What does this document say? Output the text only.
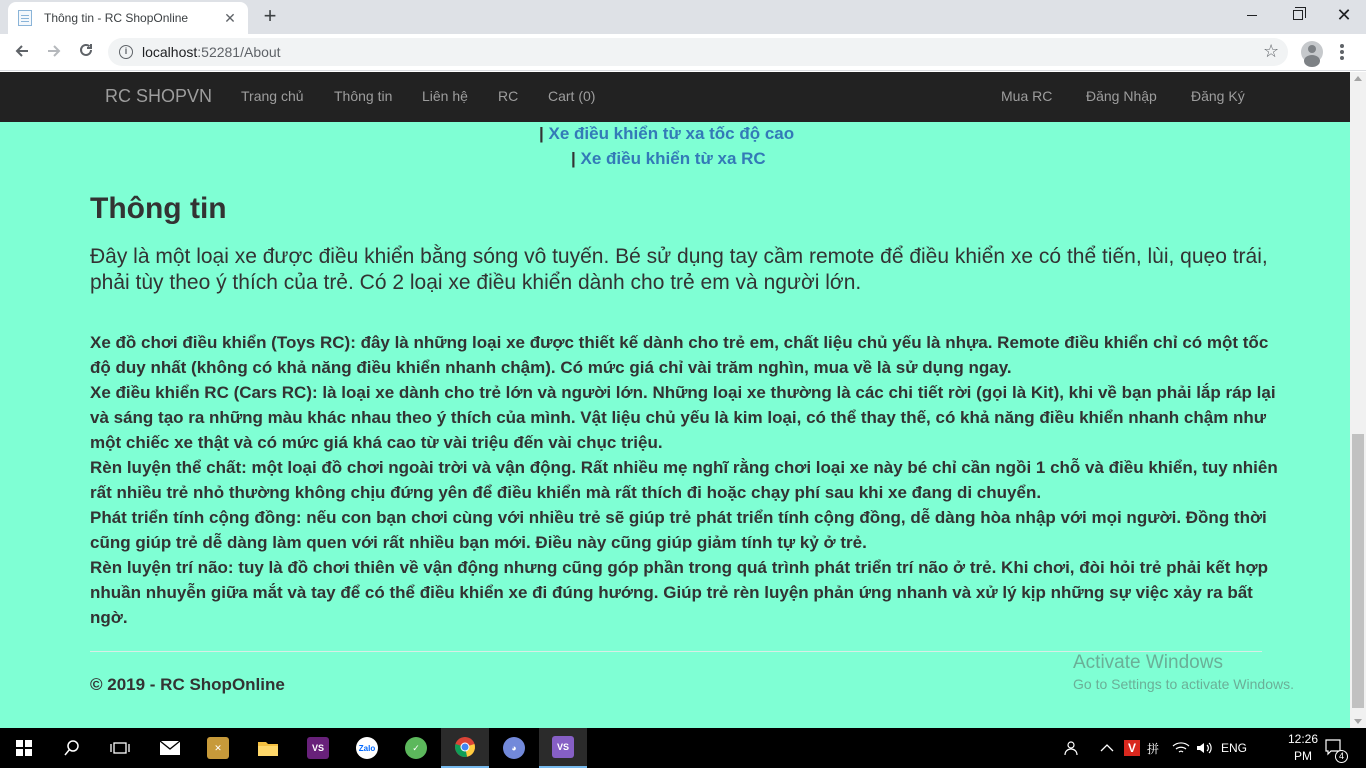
Thông tin - RC ShopOnline	✕ +	✕
i	localhost:52281/About	☆
RC SHOPVN Trang chủ Thông tin Liên hệ RC Cart (0)	Mua RC Đăng Nhập Đăng Ký
| Xe điều khiển từ xa tốc độ cao
| Xe điều khiển từ xa RC
Thông tin
Đây là một loại xe được điều khiển bằng sóng vô tuyến. Bé sử dụng tay cầm remote để điều khiển xe có thể tiến, lùi, quẹo trái, phải tùy theo ý thích của trẻ. Có 2 loại xe điều khiển dành cho trẻ em và người lớn.

Xe đồ chơi điều khiển (Toys RC): đây là những loại xe được thiết kế dành cho trẻ em, chất liệu chủ yếu là nhựa. Remote điều khiển chỉ có một tốc độ duy nhất (không có khả năng điều khiển nhanh chậm). Có mức giá chỉ vài trăm nghìn, mua về là sử dụng ngay.

Xe điều khiển RC (Cars RC): là loại xe dành cho trẻ lớn và người lớn. Những loại xe thường là các chi tiết rời (gọi là Kit), khi về bạn phải lắp ráp lại và sáng tạo ra những màu khác nhau theo ý thích của mình. Vật liệu chủ yếu là kim loại, có thể thay thế, có khả năng điều khiển nhanh chậm như một chiếc xe thật và có mức giá khá cao từ vài triệu đến vài chục triệu.

Rèn luyện thể chất: một loại đồ chơi ngoài trời và vận động. Rất nhiều mẹ nghĩ rằng chơi loại xe này bé chỉ cần ngồi 1 chỗ và điều khiển, tuy nhiên rất nhiều trẻ nhỏ thường không chịu đứng yên để điều khiển mà rất thích đi hoặc chạy phí sau khi xe đang di chuyển.

Phát triển tính cộng đồng: nếu con bạn chơi cùng với nhiều trẻ sẽ giúp trẻ phát triển tính cộng đồng, dễ dàng hòa nhập với mọi người. Đồng thời cũng giúp trẻ dễ dàng làm quen với rất nhiều bạn mới. Điều này cũng giúp giảm tính tự kỷ ở trẻ.

Rèn luyện trí não: tuy là đồ chơi thiên về vận động nhưng cũng góp phần trong quá trình phát triển trí não ở trẻ. Khi chơi, đòi hỏi trẻ phải kết hợp nhuần nhuyễn giữa mắt và tay để có thể điều khiển xe đi đúng hướng. Giúp trẻ rèn luyện phản ứng nhanh và xử lý kịp những sự việc xảy ra bất ngờ.

© 2019 - RC ShopOnline
Activate Windows
Go to Settings to activate Windows.
✕	VS	Zalo	✓	◕	VS	V 拼	ENG
12:26 PM
24/09/19
4
